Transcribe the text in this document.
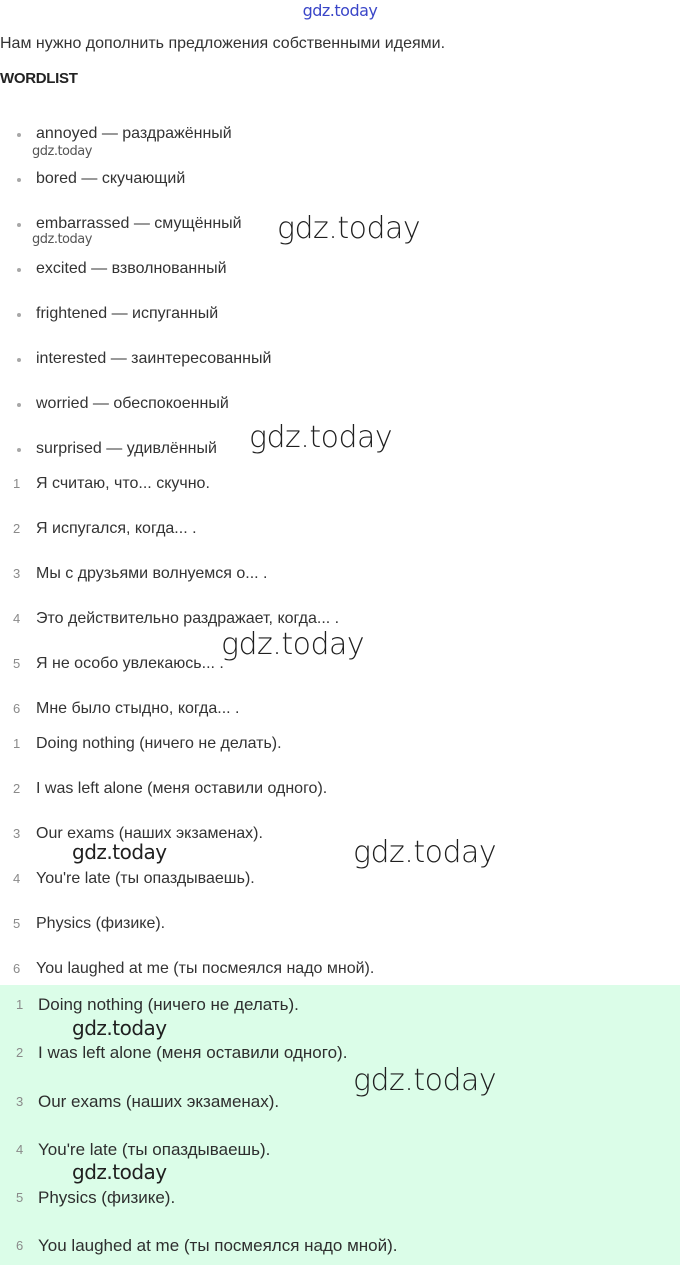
gdz.today
Нам нужно дополнить предложения собственными идеями.
WORDLIST
annoyed — раздражённый
bored — скучающий
embarrassed — смущённый
excited — взволнованный
frightened — испуганный
interested — заинтересованный
worried — обеспокоенный
surprised — удивлённый
1 Я считаю, что... скучно.
2 Я испугался, когда... .
3 Мы с друзьями волнуемся о... .
4 Это действительно раздражает, когда... .
5 Я не особо увлекаюсь... .
6 Мне было стыдно, когда... .
1 Doing nothing (ничего не делать).
2 I was left alone (меня оставили одного).
3 Our exams (наших экзаменах).
4 You're late (ты опаздываешь).
5 Physics (физике).
6 You laughed at me (ты посмеялся надо мной).
1 Doing nothing (ничего не делать).
2 I was left alone (меня оставили одного).
3 Our exams (наших экзаменах).
4 You're late (ты опаздываешь).
5 Physics (физике).
6 You laughed at me (ты посмеялся надо мной).
gdz.today
gdz.today	gdz.today
gdz.today
gdz.today
gdz.today	gdz.today
gdz.today
gdz.today
gdz.today
